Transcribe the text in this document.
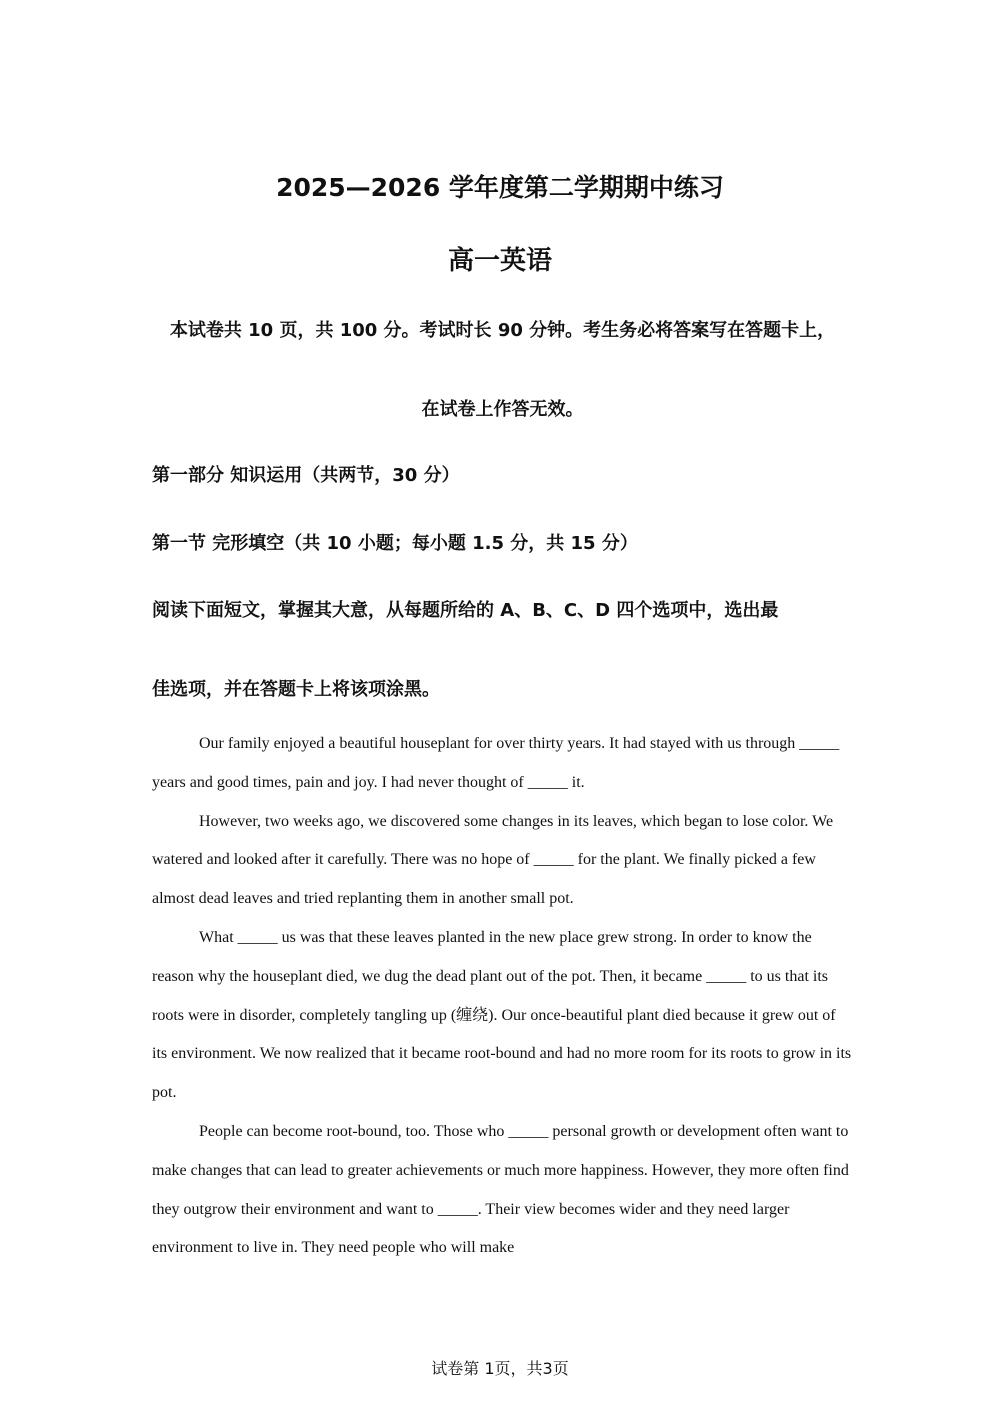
2025—2026 学年度第二学期期中练习
高一英语
本试卷共 10 页，共 100 分。考试时长 90 分钟。考生务必将答案写在答题卡上，
在试卷上作答无效。
第一部分 知识运用（共两节，30 分）
第一节 完形填空（共 10 小题；每小题 1.5 分，共 15 分）
阅读下面短文，掌握其大意，从每题所给的 A、B、C、D 四个选项中，选出最
佳选项，并在答题卡上将该项涂黑。

Our family enjoyed a beautiful houseplant for over thirty years. It had stayed with us through _____ years and good times, pain and joy. I had never thought of _____ it.

However, two weeks ago, we discovered some changes in its leaves, which began to lose color. We watered and looked after it carefully. There was no hope of _____ for the plant. We finally picked a few almost dead leaves and tried replanting them in another small pot.

What _____ us was that these leaves planted in the new place grew strong. In order to know the reason why the houseplant died, we dug the dead plant out of the pot. Then, it became _____ to us that its roots were in disorder, completely tangling up (缠绕). Our once-beautiful plant died because it grew out of its environment. We now realized that it became root-bound and had no more room for its roots to grow in its pot.

People can become root-bound, too. Those who _____ personal growth or development often want to make changes that can lead to greater achievements or much more happiness. However, they more often find they outgrow their environment and want to _____. Their view becomes wider and they need larger environment to live in. They need people who will make

试卷第 1页，共3页
